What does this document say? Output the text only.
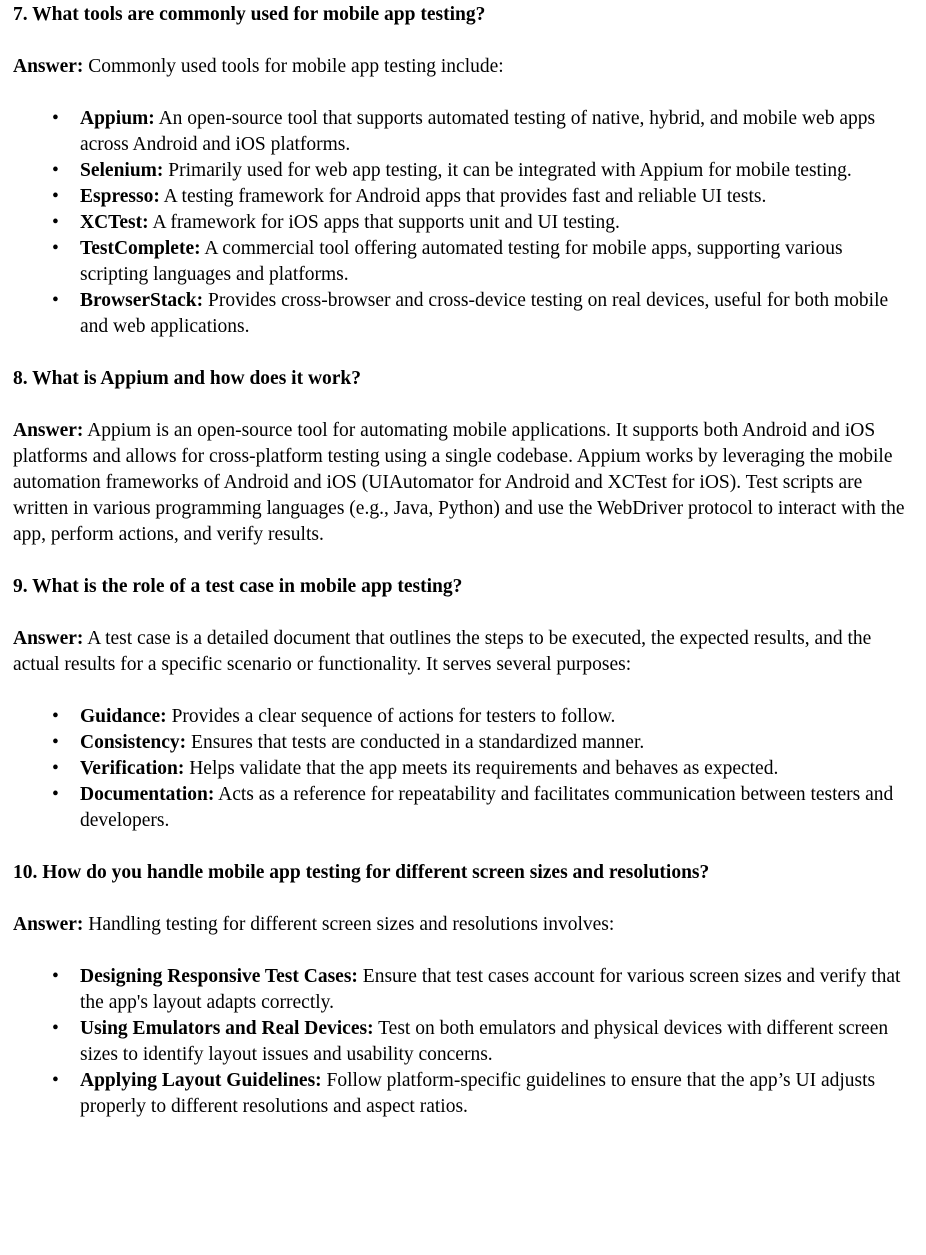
7. What tools are commonly used for mobile app testing?

Answer: Commonly used tools for mobile app testing include:

• Appium: An open-source tool that supports automated testing of native, hybrid, and mobile web apps across Android and iOS platforms.
• Selenium: Primarily used for web app testing, it can be integrated with Appium for mobile testing.
• Espresso: A testing framework for Android apps that provides fast and reliable UI tests.
• XCTest: A framework for iOS apps that supports unit and UI testing.
• TestComplete: A commercial tool offering automated testing for mobile apps, supporting various scripting languages and platforms.
• BrowserStack: Provides cross-browser and cross-device testing on real devices, useful for both mobile and web applications.
8. What is Appium and how does it work?

Answer: Appium is an open-source tool for automating mobile applications. It supports both Android and iOS platforms and allows for cross-platform testing using a single codebase. Appium works by leveraging the mobile automation frameworks of Android and iOS (UIAutomator for Android and XCTest for iOS). Test scripts are written in various programming languages (e.g., Java, Python) and use the WebDriver protocol to interact with the app, perform actions, and verify results.

9. What is the role of a test case in mobile app testing?

Answer: A test case is a detailed document that outlines the steps to be executed, the expected results, and the actual results for a specific scenario or functionality. It serves several purposes:

• Guidance: Provides a clear sequence of actions for testers to follow.
• Consistency: Ensures that tests are conducted in a standardized manner.
• Verification: Helps validate that the app meets its requirements and behaves as expected.
• Documentation: Acts as a reference for repeatability and facilitates communication between testers and developers.
10. How do you handle mobile app testing for different screen sizes and resolutions?

Answer: Handling testing for different screen sizes and resolutions involves:

• Designing Responsive Test Cases: Ensure that test cases account for various screen sizes and verify that the app's layout adapts correctly.
• Using Emulators and Real Devices: Test on both emulators and physical devices with different screen sizes to identify layout issues and usability concerns.
• Applying Layout Guidelines: Follow platform-specific guidelines to ensure that the app’s UI adjusts properly to different resolutions and aspect ratios.
